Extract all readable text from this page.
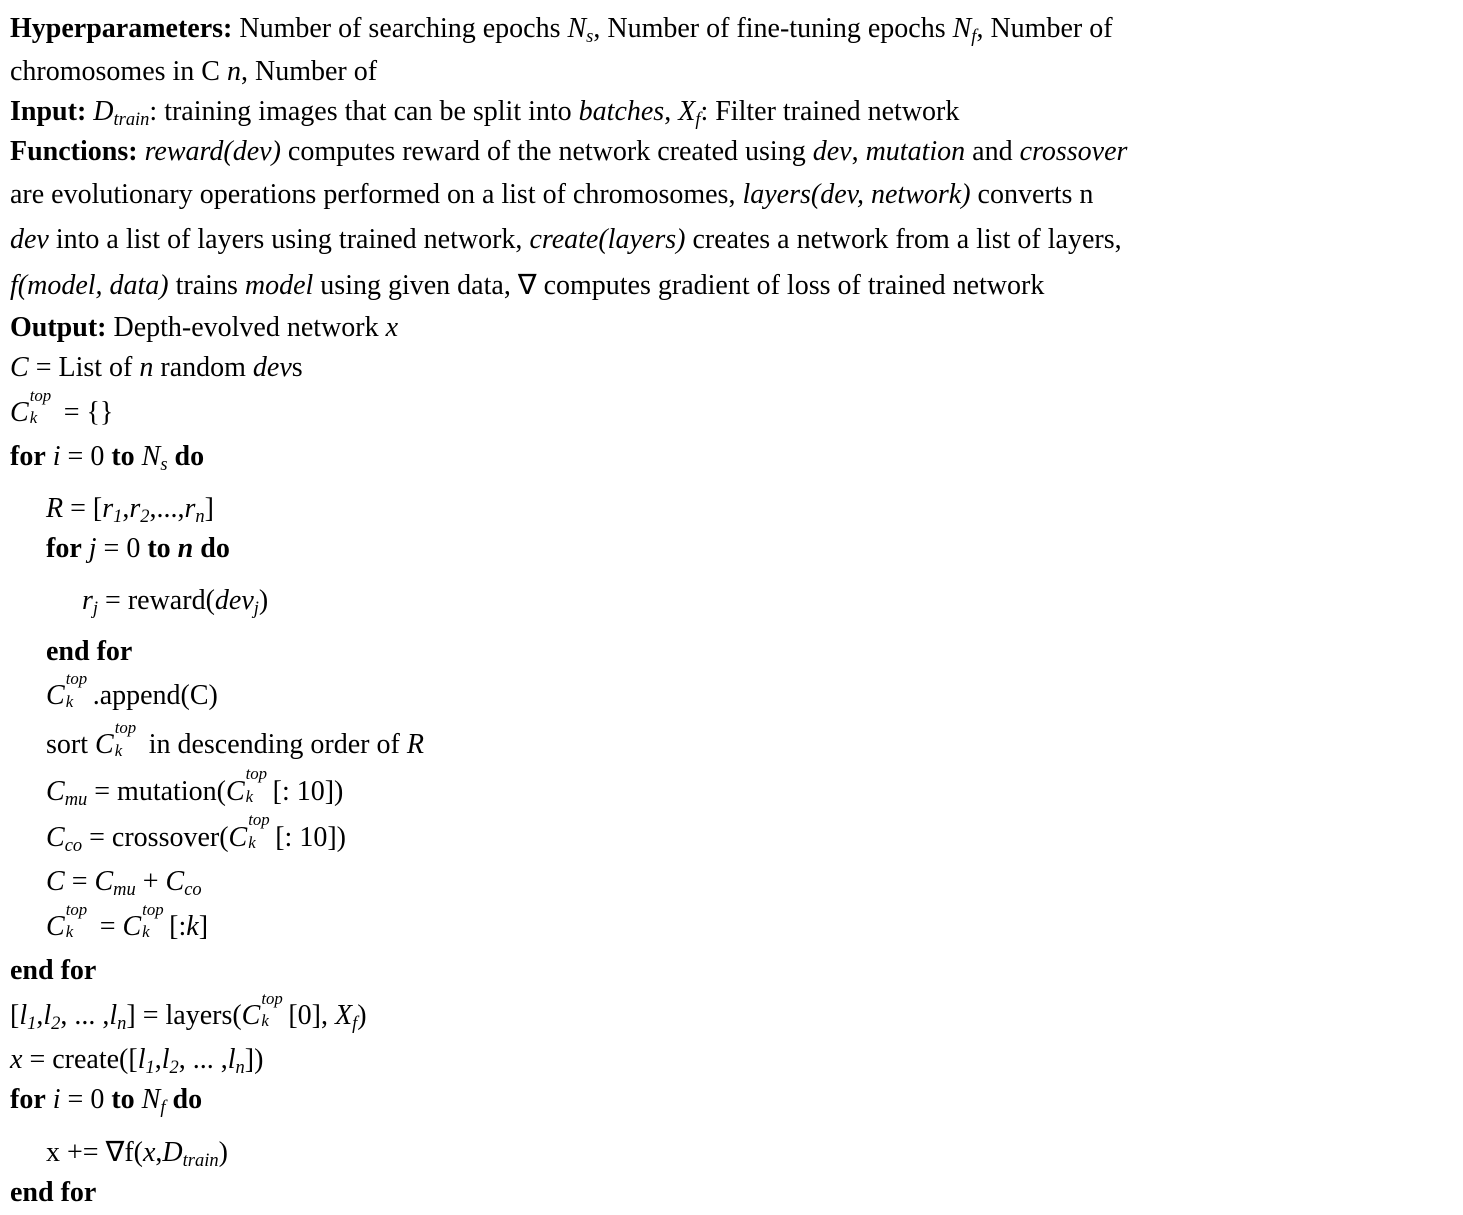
Hyperparameters: Number of searching epochs $N_s$, Number of fine-tuning epochs $N_f$, Number of
chromosomes in C n, Number of
Input: $D_{train}$: training images that can be split into batches, $X_f$: Filter trained network
Functions: reward(dev) computes reward of the network created using dev, mutation and crossover
are evolutionary operations performed on a list of chromosomes, layers(dev, network) converts n
dev into a list of layers using trained network, create(layers) creates a network from a list of layers,
f(model, data) trains model using given data, ∇ computes gradient of loss of trained network
Output: Depth-evolved network x
C = List of n random devs
C
top
k = {}
for i = 0 to $N_s$ do
$R = [r_1,r_2,...,r_n]$
for j = 0 to n do
$r_j$ = reward(dev$_j$)
end for
C
top
k .append(C)
sort C
top
k in descending order of R
$C_{mu}$ = mutation(C
top
k [: 10])
$C_{co}$ = crossover(C
top
k [: 10])
$C = C_{mu} + C_{co}$
C
top
k = C
top
k [:k]
end for
[$l_1,l_2$, ... $,l_n$] = layers(C
top
k [0], $X_f$)
$x = create([l_1,l_2$, ... $,l_n$])
for i = 0 to $N_f$ do
$x += \nabla f(x,D_{train})$
end for
